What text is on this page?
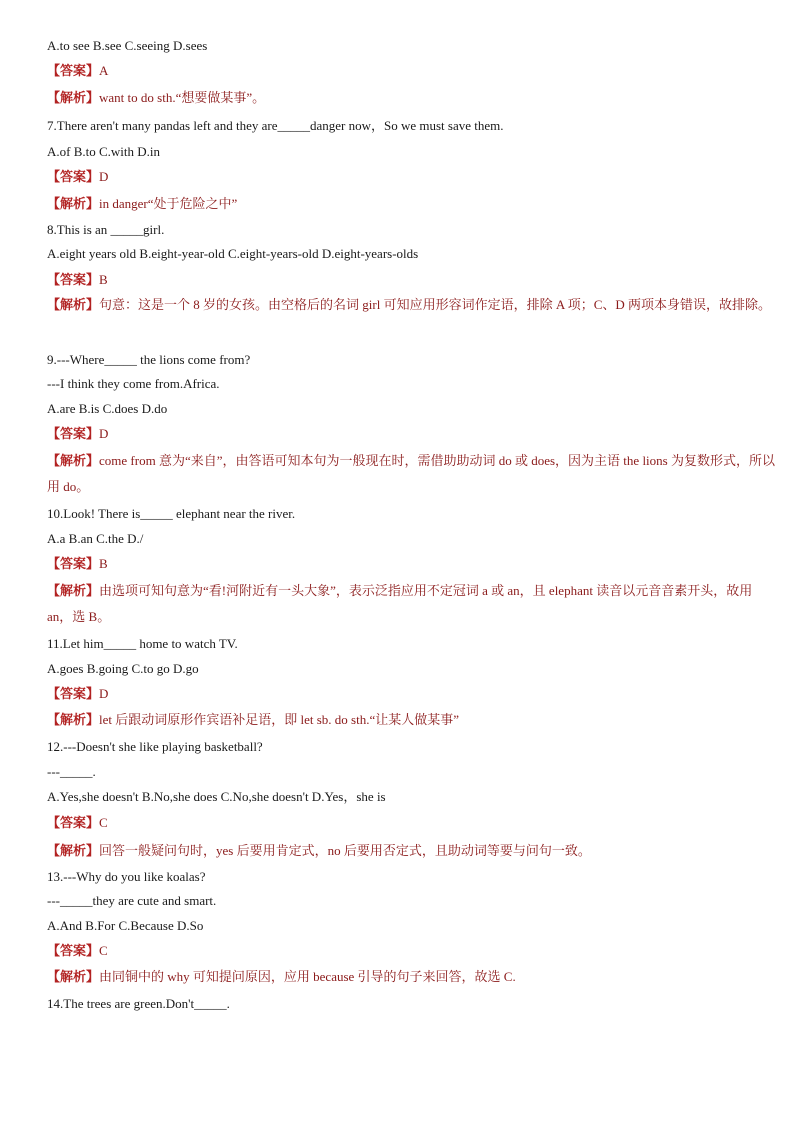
A.to see B.see C.seeing D.sees
【答案】A
【解析】want to do sth.“想要做某事”。
7.There aren't many pandas left and they are_____danger now，So we must save them.
A.of B.to C.with D.in
【答案】D
【解析】in danger“处于危险之中”
8.This is an _____girl.
A.eight years old B.eight-year-old C.eight-years-old D.eight-years-olds
【答案】B
【解析】句意：这是一个 8 岁的女孩。由空格后的名词 girl 可知应用形容词作定语，排除 A 项；C、D 两项本身错误，故排除。
9.---Where_____ the lions come from?
---I think they come from.Africa.
A.are B.is C.does D.do
【答案】D
【解析】come from 意为“来自”，由答语可知本句为一般现在时，需借助助动词 do 或 does，因为主语 the lions 为复数形式，所以用 do。
10.Look! There is_____ elephant near the river.
A.a B.an C.the D./
【答案】B
【解析】由选项可知句意为“看!河附近有一头大象”，表示泛指应用不定冠词 a 或 an，且 elephant 读音以元音音素开头，故用 an，选 B。
11.Let him_____ home to watch TV.
A.goes B.going C.to go D.go
【答案】D
【解析】let 后跟动词原形作宾语补足语，即 let sb. do sth.“让某人做某事”
12.---Doesn't she like playing basketball?
---_____.
A.Yes,she doesn't B.No,she does C.No,she doesn't D.Yes，she is
【答案】C
【解析】回答一般疑问句时，yes 后要用肯定式，no 后要用否定式，且助动词等要与问句一致。
13.---Why do you like koalas?
---_____they are cute and smart.
A.And B.For C.Because D.So
【答案】C
【解析】由同铜中的 why 可知提问原因，应用 because 引导的句子来回答，故选 C.
14.The trees are green.Don't_____.
